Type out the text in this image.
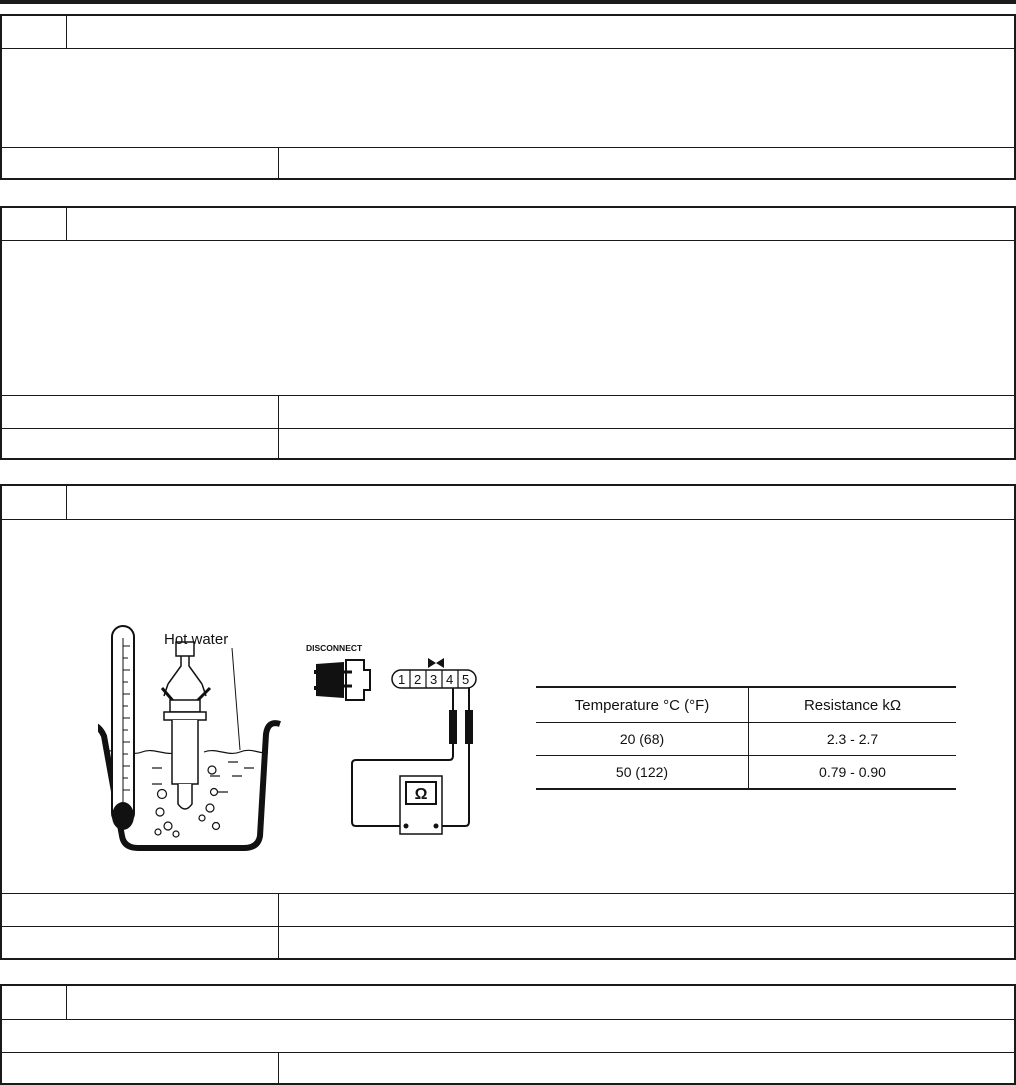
Hot water	DISCONNECT
1 2 3 4 5
Ω
Temperature °C (°F)	Resistance kΩ
20 (68)	2.3 - 2.7
50 (122)	0.79 - 0.90
